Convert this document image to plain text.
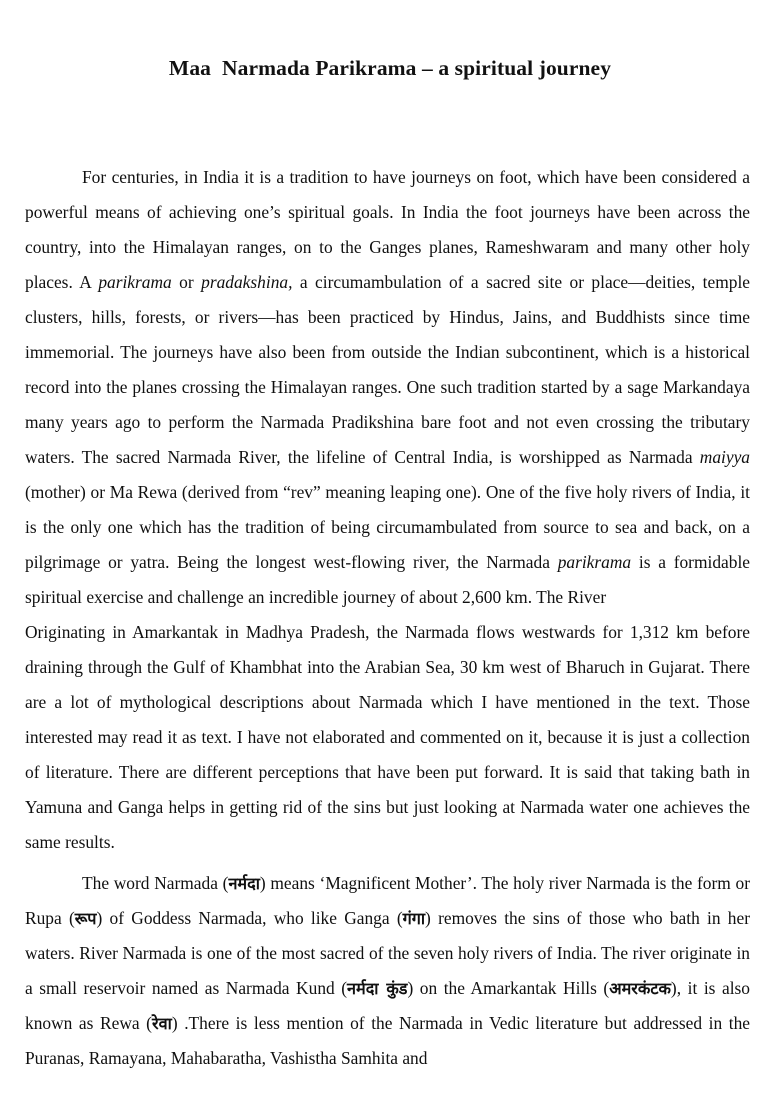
Maa  Narmada Parikrama – a spiritual journey

For centuries, in India it is a tradition to have journeys on foot, which have been considered a powerful means of achieving one’s spiritual goals. In India the foot journeys have been across the country, into the Himalayan ranges, on to the Ganges planes, Rameshwaram and many other holy places. A parikrama or pradakshina, a circumambulation of a sacred site or place—deities, temple clusters, hills, forests, or rivers—has been practiced by Hindus, Jains, and Buddhists since time immemorial. The journeys have also been from outside the Indian subcontinent, which is a historical record into the planes crossing the Himalayan ranges. One such tradition started by a sage Markandaya many years ago to perform the Narmada Pradikshina bare foot and not even crossing the tributary waters. The sacred Narmada River, the lifeline of Central India, is worshipped as Narmada maiyya (mother) or Ma Rewa (derived from “rev” meaning leaping one). One of the five holy rivers of India, it is the only one which has the tradition of being circumambulated from source to sea and back, on a pilgrimage or yatra. Being the longest west-flowing river, the Narmada parikrama is a formidable spiritual exercise and challenge an incredible journey of about 2,600 km. The River
Originating in Amarkantak in Madhya Pradesh, the Narmada flows westwards for 1,312 km before draining through the Gulf of Khambhat into the Arabian Sea, 30 km west of Bharuch in Gujarat. There are a lot of mythological descriptions about Narmada which I have mentioned in the text. Those interested may read it as text. I have not elaborated and commented on it, because it is just a collection of literature. There are different perceptions that have been put forward. It is said that taking bath in Yamuna and Ganga helps in getting rid of the sins but just looking at Narmada water one achieves the same results.

The word Narmada (नर्मदा) means ‘Magnificent Mother’. The holy river Narmada is the form or Rupa (रूप) of Goddess Narmada, who like Ganga (गंगा) removes the sins of those who bath in her waters. River Narmada is one of the most sacred of the seven holy rivers of India. The river originate in a small reservoir named as Narmada Kund (नर्मदा कुंड) on the Amarkantak Hills (अमरकंटक), it is also known as Rewa (रेवा) .There is less mention of the Narmada in Vedic literature but addressed in the Puranas, Ramayana, Mahabaratha, Vashistha Samhita and
